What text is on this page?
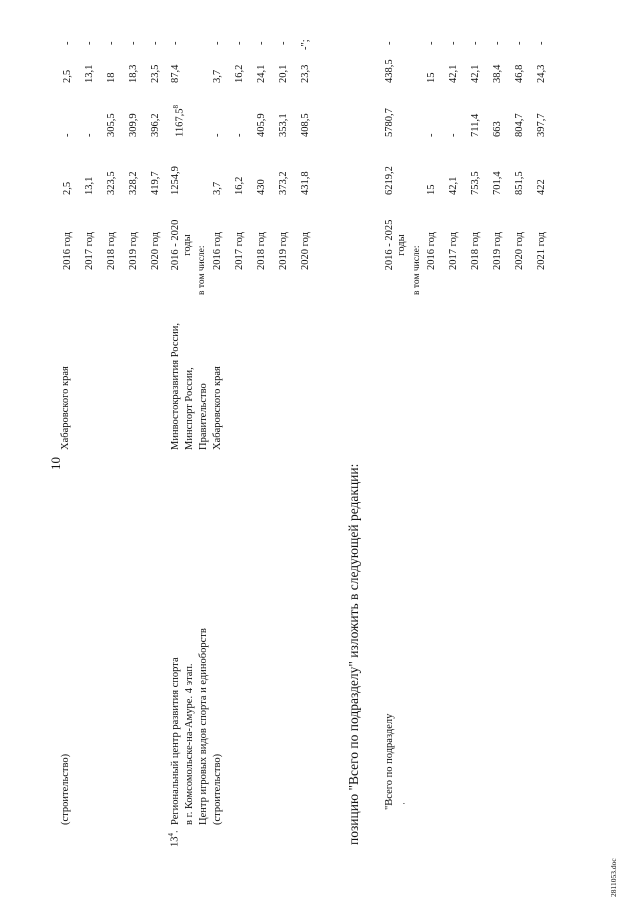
10
(строительство)
Хабаровского края
2016 год
2,5
-
2,5
-
2017 год
13,1
-
13,1
-
2018 год
323,5
305,5
18
-
2019 год
328,2
309,9
18,3
-
2020 год
419,7
396,2
23,5
-
$13^4$.
Региональный центр развития спорта в г. Комсомольске-на-Амуре. 4 этап. Центр игровых видов спорта и единоборств (строительство)
Минвостокразвития России, Минспорт России, Правительство Хабаровского края
2016 - 2020 годы
1254,9
1167,5$^8$
87,4
-
в том числе: 2016 год
3,7
-
3,7
-
2017 год
16,2
-
16,2
-
2018 год
430
405,9
24,1
-
2019 год
373,2
353,1
20,1
-
2020 год
431,8
408,5
23,3
-";
позицию "Всего по подразделу" изложить в следующей редакции: "Всего по подразделу ·
2016 - 2025 годы
6219,2
5780,7
438,5
-
в том числе: 2016 год
15
-
15
-
2017 год
42,1
-
42,1
-
2018 год
753,5
711,4
42,1
-
2019 год
701,4
663
38,4
-
2020 год
851,5
804,7
46,8
-
2021 год
422
397,7
24,3
-
2811053.doc
